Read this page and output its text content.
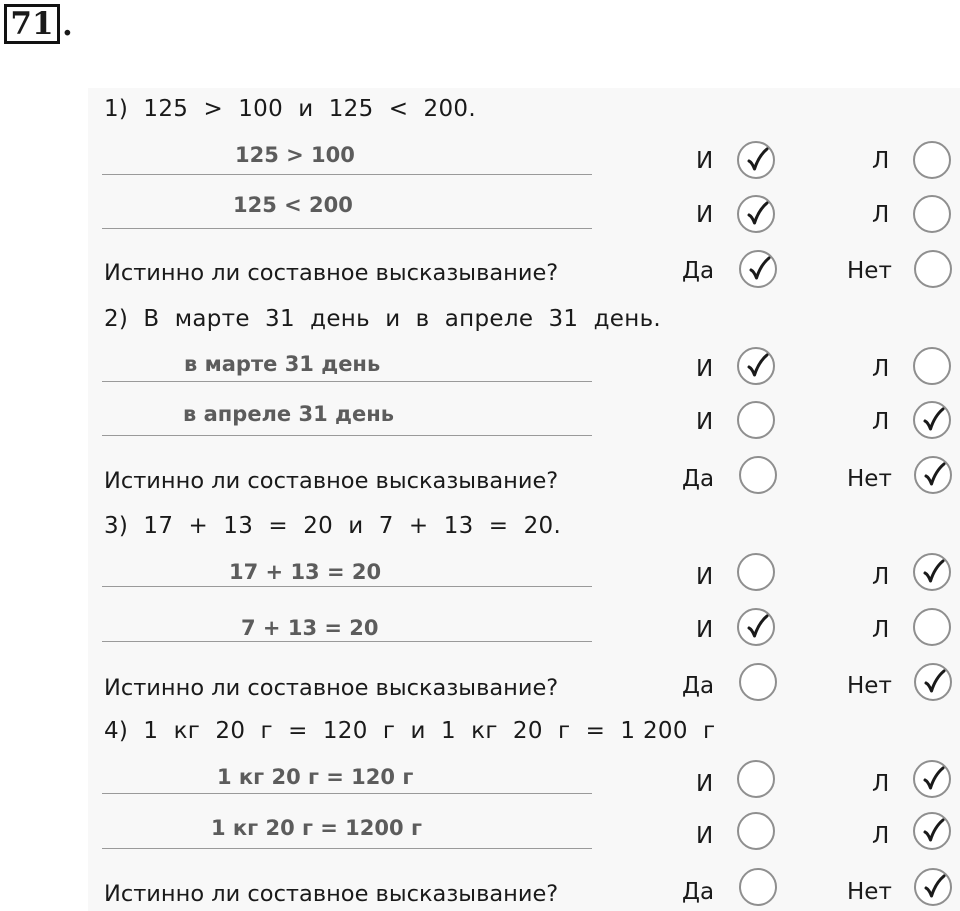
71 .
1)  125  >  100  и  125  <  200.
125 > 100	И	Л
125 < 200	И	Л
Истинно ли составное высказывание?	Да	Нет
2)  В  марте  31  день  и  в  апреле  31  день.
в марте 31 день	И	Л
в апреле 31 день	И	Л
Истинно ли составное высказывание?	Да	Нет
3)  17  +  13  =  20  и  7  +  13  =  20.
17 + 13 = 20	И	Л
7 + 13 = 20	И	Л
Истинно ли составное высказывание?	Да	Нет
4)  1  кг  20  г  =  120  г  и  1  кг  20  г  =  1 200  г
1 кг 20 г = 120 г	И	Л
1 кг 20 г = 1200 г	И	Л
Истинно ли составное высказывание?	Да	Нет
